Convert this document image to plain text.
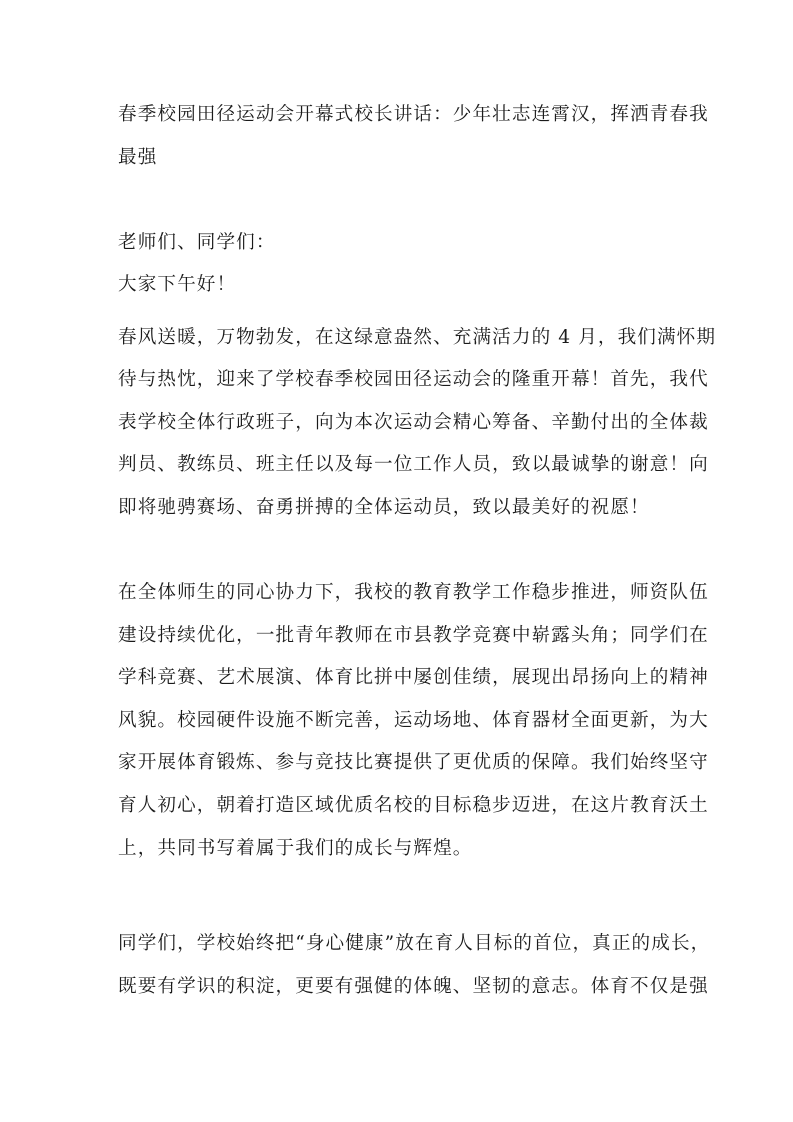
春季校园田径运动会开幕式校长讲话：少年壮志连霄汉，挥洒青春我
最强
老师们、同学们：
大家下午好！
春风送暖，万物勃发，在这绿意盎然、充满活力的 4 月，我们满怀期
待与热忱，迎来了学校春季校园田径运动会的隆重开幕！首先，我代
表学校全体行政班子，向为本次运动会精心筹备、辛勤付出的全体裁
判员、教练员、班主任以及每一位工作人员，致以最诚挚的谢意！向
即将驰骋赛场、奋勇拼搏的全体运动员，致以最美好的祝愿！
在全体师生的同心协力下，我校的教育教学工作稳步推进，师资队伍
建设持续优化，一批青年教师在市县教学竞赛中崭露头角；同学们在
学科竞赛、艺术展演、体育比拼中屡创佳绩，展现出昂扬向上的精神
风貌。校园硬件设施不断完善，运动场地、体育器材全面更新，为大
家开展体育锻炼、参与竞技比赛提供了更优质的保障。我们始终坚守
育人初心，朝着打造区域优质名校的目标稳步迈进，在这片教育沃土
上，共同书写着属于我们的成长与辉煌。
同学们，学校始终把“身心健康”放在育人目标的首位，真正的成长，
既要有学识的积淀，更要有强健的体魄、坚韧的意志。体育不仅是强
